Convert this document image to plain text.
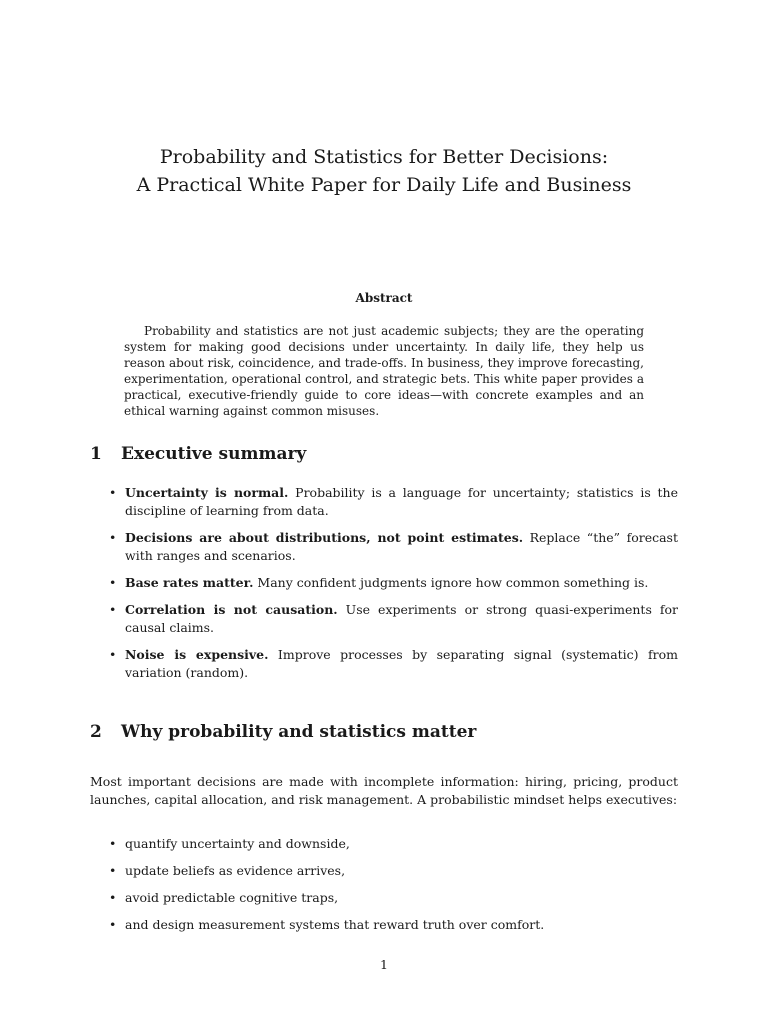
Probability and Statistics for Better Decisions:
A Practical White Paper for Daily Life and Business
Abstract
Probability and statistics are not just academic subjects; they are the operating system for making good decisions under uncertainty. In daily life, they help us reason about risk, coincidence, and trade-offs. In business, they improve forecasting, experimentation, operational control, and strategic bets. This white paper provides a practical, executive-friendly guide to core ideas—with concrete examples and an ethical warning against common misuses.
1 Executive summary
• Uncertainty is normal. Probability is a language for uncertainty; statistics is the discipline of learning from data.
• Decisions are about distributions, not point estimates. Replace “the” forecast with ranges and scenarios.
• Base rates matter. Many confident judgments ignore how common something is.
• Correlation is not causation. Use experiments or strong quasi-experiments for causal claims.
• Noise is expensive. Improve processes by separating signal (systematic) from variation (random).
2 Why probability and statistics matter
Most important decisions are made with incomplete information: hiring, pricing, product launches, capital allocation, and risk management. A probabilistic mindset helps executives:
• quantify uncertainty and downside,
• update beliefs as evidence arrives,
• avoid predictable cognitive traps,
• and design measurement systems that reward truth over comfort.
1
